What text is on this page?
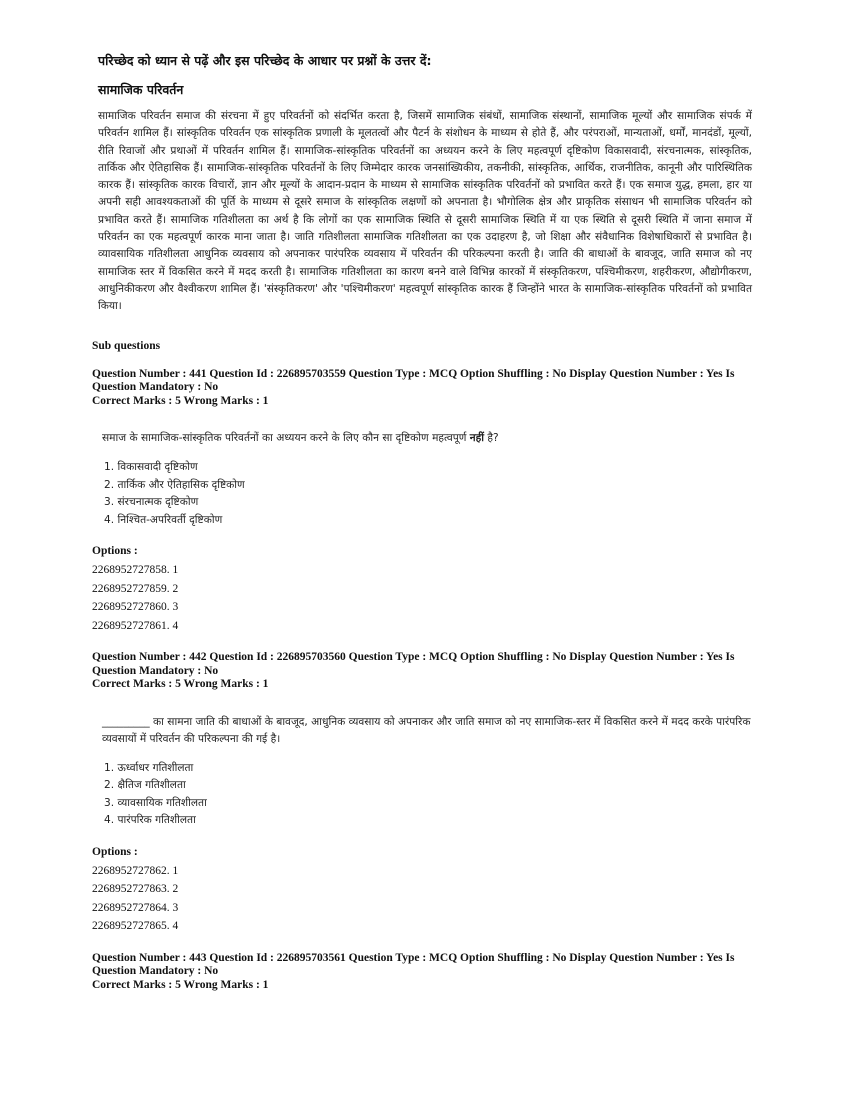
परिच्छेद को ध्यान से पढ़ें और इस परिच्छेद के आधार पर प्रश्नों के उत्तर दें:
सामाजिक परिवर्तन
सामाजिक परिवर्तन समाज की संरचना में हुए परिवर्तनों को संदर्भित करता है, जिसमें सामाजिक संबंधों, सामाजिक संस्थानों, सामाजिक मूल्यों और सामाजिक संपर्क में परिवर्तन शामिल हैं। सांस्कृतिक परिवर्तन एक सांस्कृतिक प्रणाली के मूलतत्वों और पैटर्न के संशोधन के माध्यम से होते हैं, और परंपराओं, मान्यताओं, धर्मों, मानदंडों, मूल्यों, रीति रिवाजों और प्रथाओं में परिवर्तन शामिल हैं। सामाजिक-सांस्कृतिक परिवर्तनों का अध्ययन करने के लिए महत्वपूर्ण दृष्टिकोण विकासवादी, संरचनात्मक, सांस्कृतिक, तार्किक और ऐतिहासिक हैं। सामाजिक-सांस्कृतिक परिवर्तनों के लिए जिम्मेदार कारक जनसांख्यिकीय, तकनीकी, सांस्कृतिक, आर्थिक, राजनीतिक, कानूनी और पारिस्थितिक कारक हैं। सांस्कृतिक कारक विचारों, ज्ञान और मूल्यों के आदान-प्रदान के माध्यम से सामाजिक सांस्कृतिक परिवर्तनों को प्रभावित करते हैं। एक समाज युद्ध, हमला, हार या अपनी सही आवश्यकताओं की पूर्ति के माध्यम से दूसरे समाज के सांस्कृतिक लक्षणों को अपनाता है। भौगोलिक क्षेत्र और प्राकृतिक संसाधन भी सामाजिक परिवर्तन को प्रभावित करते हैं। सामाजिक गतिशीलता का अर्थ है कि लोगों का एक सामाजिक स्थिति से दूसरी सामाजिक स्थिति में या एक स्थिति से दूसरी स्थिति में जाना समाज में परिवर्तन का एक महत्वपूर्ण कारक माना जाता है। जाति गतिशीलता सामाजिक गतिशीलता का एक उदाहरण है, जो शिक्षा और संवैधानिक विशेषाधिकारों से प्रभावित है। व्यावसायिक गतिशीलता आधुनिक व्यवसाय को अपनाकर पारंपरिक व्यवसाय में परिवर्तन की परिकल्पना करती है। जाति की बाधाओं के बावजूद, जाति समाज को नए सामाजिक स्तर में विकसित करने में मदद करती है। सामाजिक गतिशीलता का कारण बनने वाले विभिन्न कारकों में संस्कृतिकरण, पश्चिमीकरण, शहरीकरण, औद्योगीकरण, आधुनिकीकरण और वैश्वीकरण शामिल हैं। 'संस्कृतिकरण' और 'पश्चिमीकरण' महत्वपूर्ण सांस्कृतिक कारक हैं जिन्होंने भारत के सामाजिक-सांस्कृतिक परिवर्तनों को प्रभावित किया।
Sub questions
Question Number : 441 Question Id : 226895703559 Question Type : MCQ Option Shuffling : No Display Question Number : Yes Is
Question Mandatory : No
Correct Marks : 5 Wrong Marks : 1
समाज के सामाजिक-सांस्कृतिक परिवर्तनों का अध्ययन करने के लिए कौन सा दृष्टिकोण महत्वपूर्ण नहीं है?
1. विकासवादी दृष्टिकोण
2. तार्किक और ऐतिहासिक दृष्टिकोण
3. संरचनात्मक दृष्टिकोण
4. निश्चित-अपरिवर्ती दृष्टिकोण
Options :
2268952727858. 1
2268952727859. 2
2268952727860. 3
2268952727861. 4
Question Number : 442 Question Id : 226895703560 Question Type : MCQ Option Shuffling : No Display Question Number : Yes Is
Question Mandatory : No
Correct Marks : 5 Wrong Marks : 1
_________ का सामना जाति की बाधाओं के बावजूद, आधुनिक व्यवसाय को अपनाकर और जाति समाज को नए सामाजिक-स्तर में विकसित करने में मदद करके पारंपरिक व्यवसायों में परिवर्तन की परिकल्पना की गई है।
1. ऊर्ध्वाधर गतिशीलता
2. क्षैतिज गतिशीलता
3. व्यावसायिक गतिशीलता
4. पारंपरिक गतिशीलता
Options :
2268952727862. 1
2268952727863. 2
2268952727864. 3
2268952727865. 4
Question Number : 443 Question Id : 226895703561 Question Type : MCQ Option Shuffling : No Display Question Number : Yes Is
Question Mandatory : No
Correct Marks : 5 Wrong Marks : 1
